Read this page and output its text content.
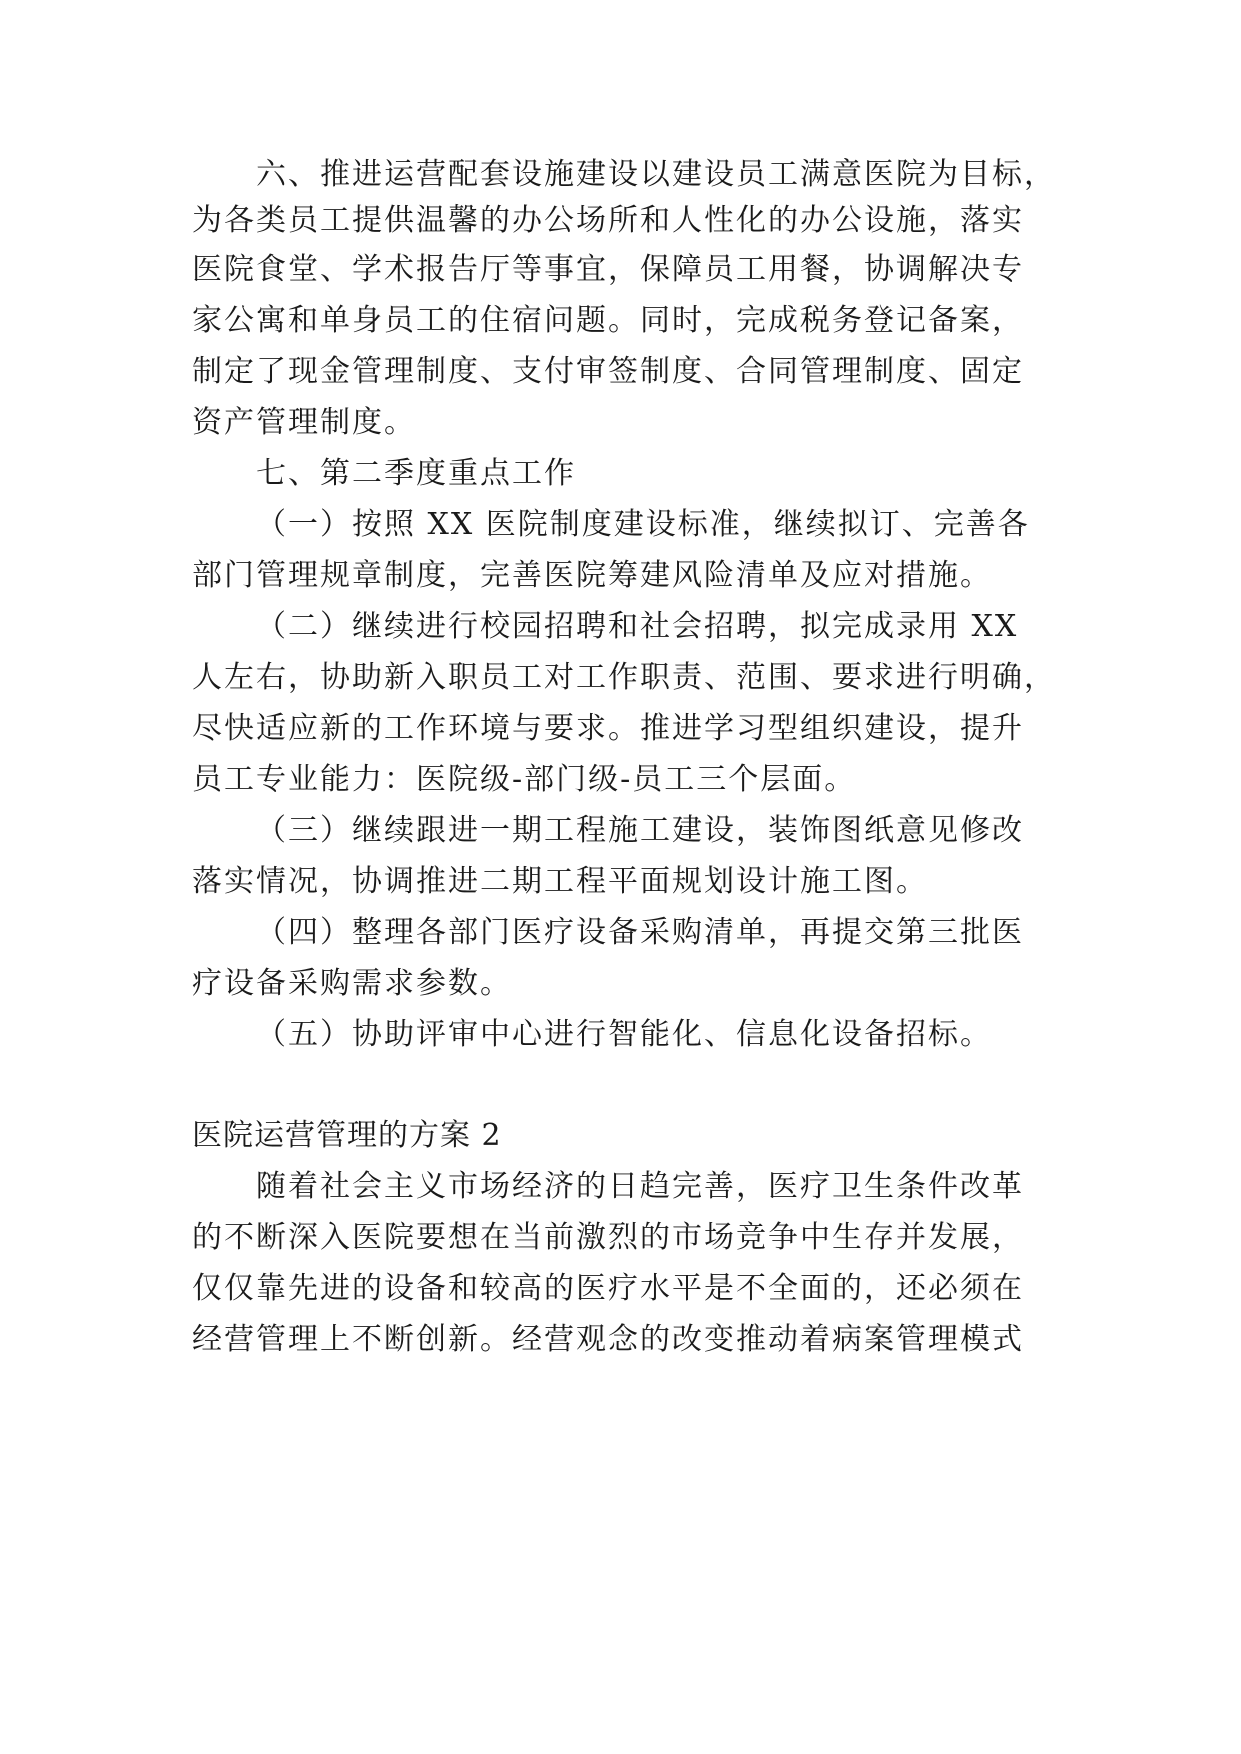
六、推进运营配套设施建设以建设员工满意医院为目标，
为各类员工提供温馨的办公场所和人性化的办公设施，落实
医院食堂、学术报告厅等事宜，保障员工用餐，协调解决专
家公寓和单身员工的住宿问题。同时，完成税务登记备案，
制定了现金管理制度、支付审签制度、合同管理制度、固定
资产管理制度。
七、第二季度重点工作
（一）按照 XX 医院制度建设标准，继续拟订、完善各
部门管理规章制度，完善医院筹建风险清单及应对措施。
（二）继续进行校园招聘和社会招聘，拟完成录用 XX
人左右，协助新入职员工对工作职责、范围、要求进行明确，
尽快适应新的工作环境与要求。推进学习型组织建设，提升
员工专业能力：医院级-部门级-员工三个层面。
（三）继续跟进一期工程施工建设，装饰图纸意见修改
落实情况，协调推进二期工程平面规划设计施工图。
（四）整理各部门医疗设备采购清单，再提交第三批医
疗设备采购需求参数。
（五）协助评审中心进行智能化、信息化设备招标。
医院运营管理的方案 2
随着社会主义市场经济的日趋完善，医疗卫生条件改革
的不断深入医院要想在当前激烈的市场竞争中生存并发展，
仅仅靠先进的设备和较高的医疗水平是不全面的，还必须在
经营管理上不断创新。经营观念的改变推动着病案管理模式
